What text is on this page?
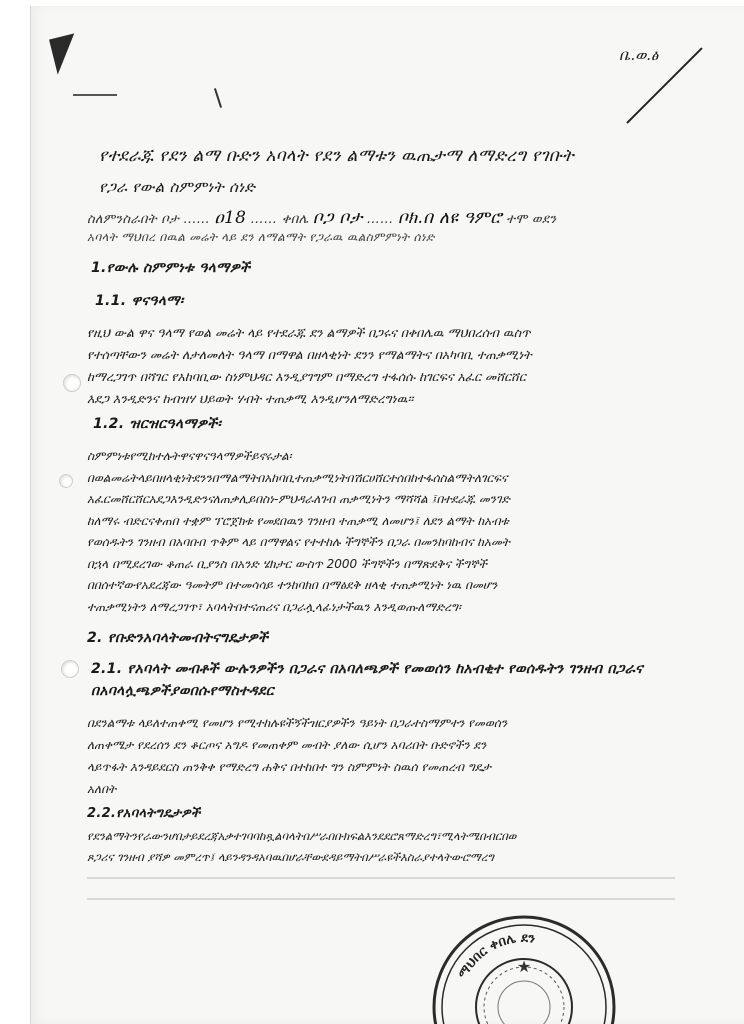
ቤ.ወ.ፅ
የተደራጁ የደን ልማ ቡድን አባላት የደን ልማቱን ዉጤታማ ለማድረግ የገቡት
የጋራ የውል ስምምነት ሰነድ
ስለምንስራበት ቦታ …… ዐ18 …… ቀበሌ ቦጋ ቦታ …… ቦክ.በ ለዩ ዓምሮ ተሞ ወደን
አባላት ማህበረ በዉል መሬት ላይ ደን ለማልማት የጋራዉ ዉልስምምነት ሰነድ
1.የውሉ ስምምነቱ ዓላማዎች
1.1. ዋናዓላማ፡
የዚህ ውል ዋና ዓላማ የወል መሬት ላይ የተደራጁ ደን ልማዎች በጋሩና በቀበሌዉ ማህበረሰብ ዉስጥ
የተሰጣቸውን መሬት ለታለመለት ዓላማ በማዋል በዘላቂነት ደንን የማልማትና በአካባቢ ተጠቃሚነት
ከማረጋገጥ በሻገር የአከባቢው ስነምህዳር እንዲያገግም በማድረግ ተፋሰሱ ከገርፍና አፈር መሸርሸር
እደጋ እንዲድንና ከብዝሃ ህይወት ሃብት ተጠቃሚ እንዲሆንለማድረግነዉ፡፡
1.2. ዝርዝርዓላማዎች፡
ስምምነቱየሚከተሉትዋናዋናዓላማዎችይኖሩታል፡
በወልመሬትላይበዘላቂነትደንንበማልማትበአከባቢተጠቃሚነትበሽርሀሸርተሰበከተፋሰስልማትለገርፍና
አፈርመሸርሸርአደጋእንዲድንናለጠቃሊይበስነ-ምህዳራለገብ ጠቃሚነትን ማሻሻል ፤በተደራጁ መንገድ
ከለማሩ ብድርናቀጠበ ተቋም ፕሮጀክቱ የመደበዉን ገንዘብ ተጠቃሚ ለመሆን፤ ለደን ልማት ከአብቱ
የወሰዱትን ገንዘብ በአባቡበ ጥቅም ላይ በማዋልና የተተከሉ ችግኞችን በጋራ በመንከባከብና ከአመት
በኋላ በሚደረገው ቆጠራ ቢያንስ በአንድ ሄክታር ውስጥ 2000 ችግኞችን በማጽደቅና ችግኞች
በበሰተኛውየአደረጃው ዓመትም በተመሳሳይ ተንከባክበ በማፅደቅ ዘላቂ ተጠቃሚነት ነዉ በመሆን
ተጠቃሚነትን ለማረጋገጥ፣ አባላትበተናጠሪና በጋራሏላፊነታችዉን እንዲወጡለማድረግ፡
2. የቡድንአባላትመብትናግዴታዎች
2.1. የአባላት መብቶች ውሉንዎችን በጋራና በአባለጫዎች የመወሰን ከአብቂተ የወሰዱትን ገንዘብ በጋራና በአባላሏጫዎችያወበሱየማስተዳደር
በደንልማቱ ላይለተጠቀሚ የመሆን የሚተከሉዩችኝችዝርያዎችን ዓይነት በጋራተስማምተን የመወሰን
ለጠቀሜታ የደረሰን ደን ቆርጦና አግዶ የመጠቀም መብት ያለው ሲሆን አባሪበት ቡድኖችን ደን
ላይጥፋት እንዳይደርስ ጠንቅቀ የማድረግ ሐቅና በተከበተ ግን ስምምነት ስዉሰ የመጠረብ ግዴታ
አለበት
2.2.የአባላትግዴታዎች
የደንልማትንየራውንሆበታይደረጃአቃተገባባከጿልባላትበሥራበቡክፍልእንደደሮጸማድረግ፣ሚላትሜበብርበወ
ጾጋሪና ገንዘብ ያሻዎ መምረጥ፤ ላይንዳንዳአባዉበሆራቸውደዳይማትበሥራዩችእስራያተላትውሮማረግ
ማህበር ቀበሌ ደን
★
